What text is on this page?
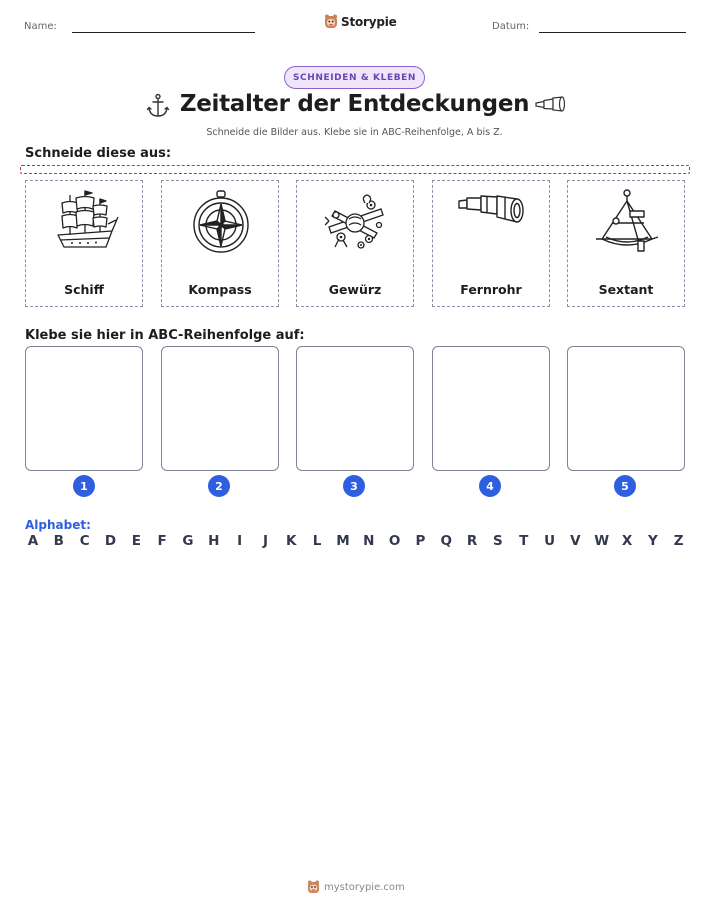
Name:	Storypie	Datum:
SCHNEIDEN & KLEBEN
Zeitalter der Entdeckungen
Schneide die Bilder aus. Klebe sie in ABC-Reihenfolge, A bis Z.
Schneide diese aus:
Schiff	Kompass	Gewürz	Fernrohr	Sextant
Klebe sie hier in ABC-Reihenfolge auf:
1	2	3	4	5
Alphabet:
A B C D E F G H	I	J	K L M N O P Q R S T U V W X Y Z
mystorypie.com
